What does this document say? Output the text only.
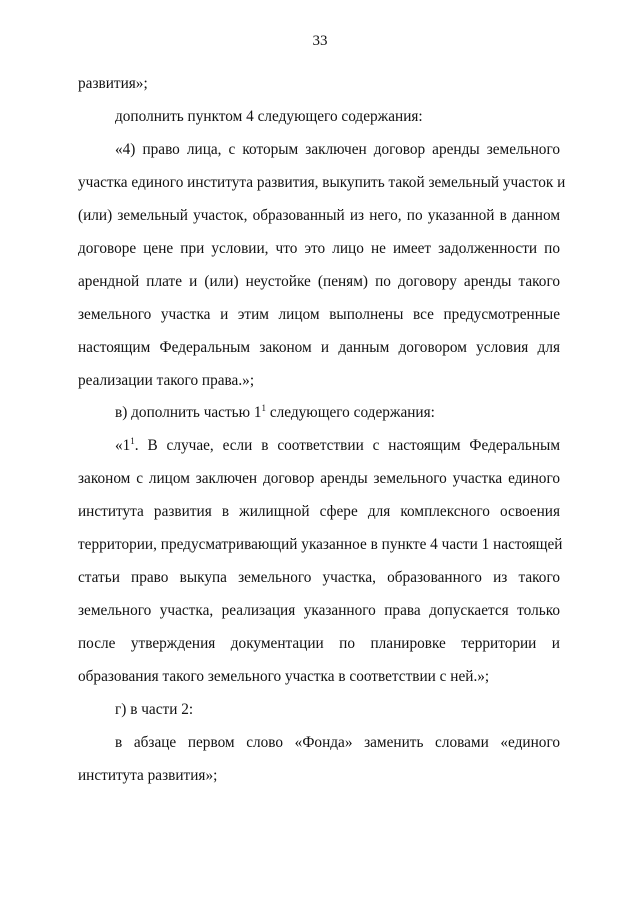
33
развития»;
дополнить пунктом 4 следующего содержания:
«4) право лица, с которым заключен договор аренды земельного
участка единого института развития, выкупить такой земельный участок и
(или) земельный участок, образованный из него, по указанной в данном
договоре цене при условии, что это лицо не имеет задолженности по
арендной плате и (или) неустойке (пеням) по договору аренды такого
земельного участка и этим лицом выполнены все предусмотренные
настоящим Федеральным законом и данным договором условия для
реализации такого права.»;
в) дополнить частью $1^1$ следующего содержания:
«$1^1$. В случае, если в соответствии с настоящим Федеральным
законом с лицом заключен договор аренды земельного участка единого
института развития в жилищной сфере для комплексного освоения
территории, предусматривающий указанное в пункте 4 части 1 настоящей
статьи право выкупа земельного участка, образованного из такого
земельного участка, реализация указанного права допускается только
после утверждения документации по планировке территории и
образования такого земельного участка в соответствии с ней.»;
г) в части 2:
в абзаце первом слово «Фонда» заменить словами «единого
института развития»;
